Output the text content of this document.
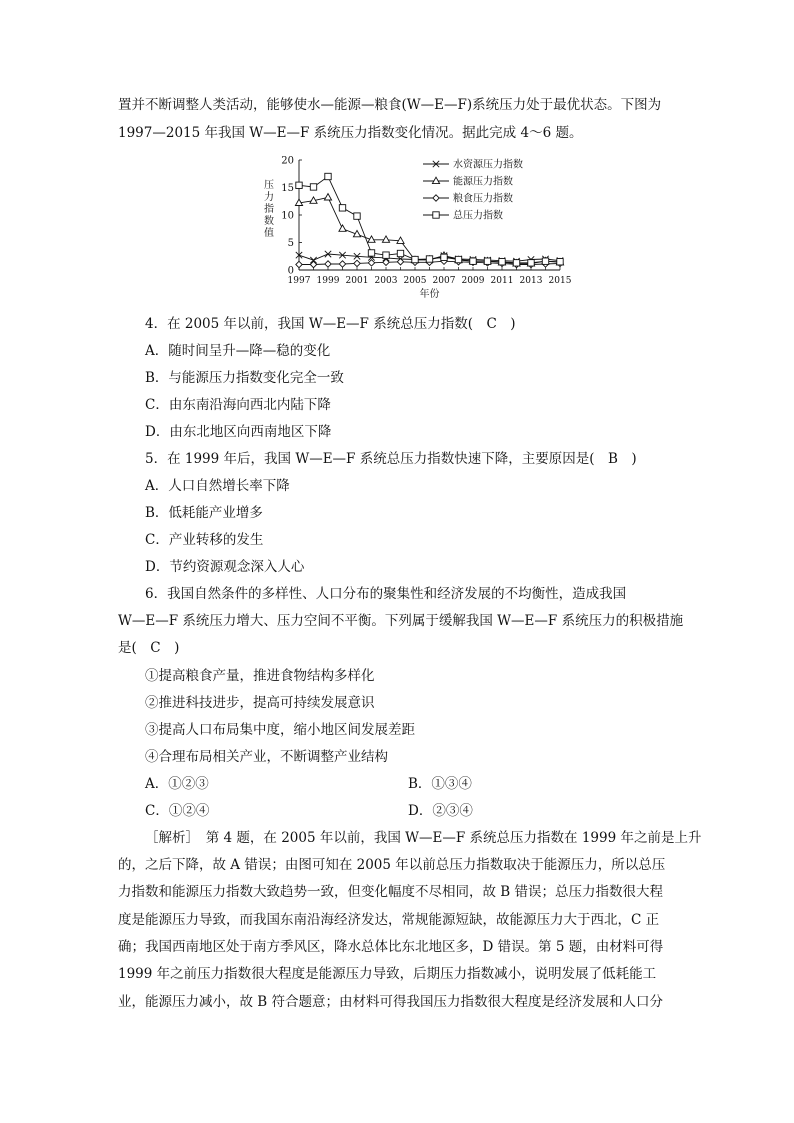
置并不断调整人类活动，能够使水—能源—粮食(W—E—F)系统压力处于最优状态。下图为
1997—2015 年我国 W—E—F 系统压力指数变化情况。据此完成 4～6 题。
0
5
10
15
20
1997 1999 2001 2003 2005 2007 2009 2011 2013 2015
年份
压力指数值
水资源压力指数
能源压力指数
粮食压力指数
总压力指数
4．在 2005 年以前，我国 W—E—F 系统总压力指数(　C　)
A．随时间呈升—降—稳的变化
B．与能源压力指数变化完全一致
C．由东南沿海向西北内陆下降
D．由东北地区向西南地区下降
5．在 1999 年后，我国 W—E—F 系统总压力指数快速下降，主要原因是(　B　)
A．人口自然增长率下降
B．低耗能产业增多
C．产业转移的发生
D．节约资源观念深入人心
6．我国自然条件的多样性、人口分布的聚集性和经济发展的不均衡性，造成我国
W—E—F 系统压力增大、压力空间不平衡。下列属于缓解我国 W—E—F 系统压力的积极措施
是(　C　)
①提高粮食产量，推进食物结构多样化
②推进科技进步，提高可持续发展意识
③提高人口布局集中度，缩小地区间发展差距
④合理布局相关产业，不断调整产业结构
A．①②③	B．①③④
C．①②④	D．②③④
［解析］　第 4 题，在 2005 年以前，我国 W—E—F 系统总压力指数在 1999 年之前是上升
的，之后下降，故 A 错误；由图可知在 2005 年以前总压力指数取决于能源压力，所以总压
力指数和能源压力指数大致趋势一致，但变化幅度不尽相同，故 B 错误；总压力指数很大程
度是能源压力导致，而我国东南沿海经济发达，常规能源短缺，故能源压力大于西北，C 正
确；我国西南地区处于南方季风区，降水总体比东北地区多，D 错误。第 5 题，由材料可得
1999 年之前压力指数很大程度是能源压力导致，后期压力指数减小，说明发展了低耗能工
业，能源压力减小，故 B 符合题意；由材料可得我国压力指数很大程度是经济发展和人口分
